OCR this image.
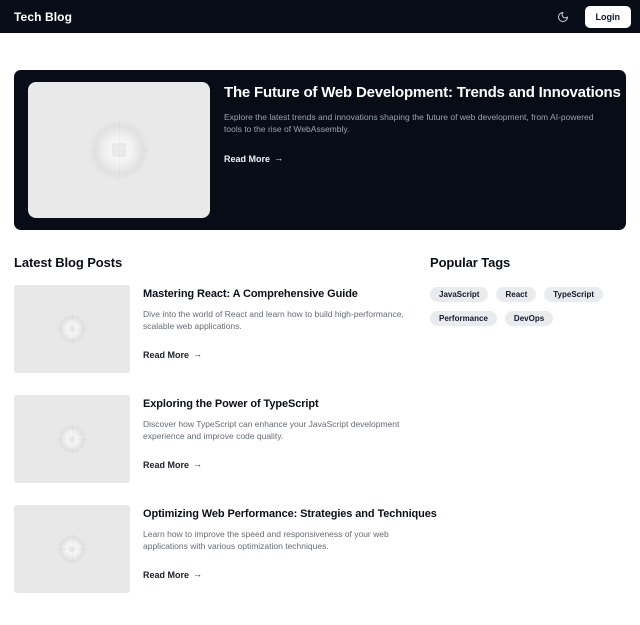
Tech Blog	Login
The Future of Web Development: Trends and Innovations

Explore the latest trends and innovations shaping the future of web development, from AI-powered tools to the rise of WebAssembly.

Read More →
Latest Blog Posts
Mastering React: A Comprehensive Guide

Dive into the world of React and learn how to build high-performance, scalable web applications.

Read More →
Exploring the Power of TypeScript

Discover how TypeScript can enhance your JavaScript development experience and improve code quality.

Read More →
Optimizing Web Performance: Strategies and Techniques

Learn how to improve the speed and responsiveness of your web applications with various optimization techniques.

Read More →
Popular Tags
JavaScript	React	TypeScript
Performance	DevOps
